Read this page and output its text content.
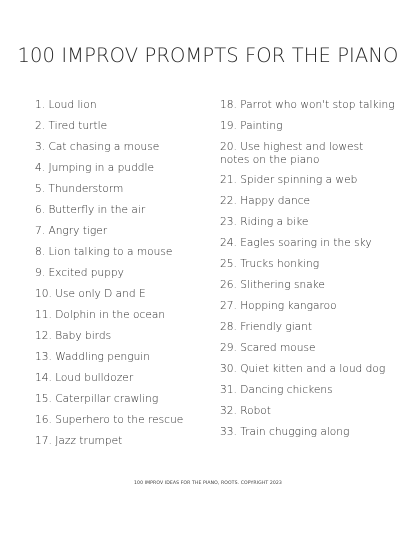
100 IMPROV PROMPTS FOR THE PIANO
1. Loud lion
2. Tired turtle
3. Cat chasing a mouse
4. Jumping in a puddle
5. Thunderstorm
6. Butterfly in the air
7. Angry tiger
8. Lion talking to a mouse
9. Excited puppy
10. Use only D and E
11. Dolphin in the ocean
12. Baby birds
13. Waddling penguin
14. Loud bulldozer
15. Caterpillar crawling
16. Superhero to the rescue
17. Jazz trumpet
18. Parrot who won't stop talking
19. Painting
20. Use highest and lowest notes on the piano
21. Spider spinning a web
22. Happy dance
23. Riding a bike
24. Eagles soaring in the sky
25. Trucks honking
26. Slithering snake
27. Hopping kangaroo
28. Friendly giant
29. Scared mouse
30. Quiet kitten and a loud dog
31. Dancing chickens
32. Robot
33. Train chugging along
100 IMPROV IDEAS FOR THE PIANO, ROOTS. COPYRIGHT 2023
